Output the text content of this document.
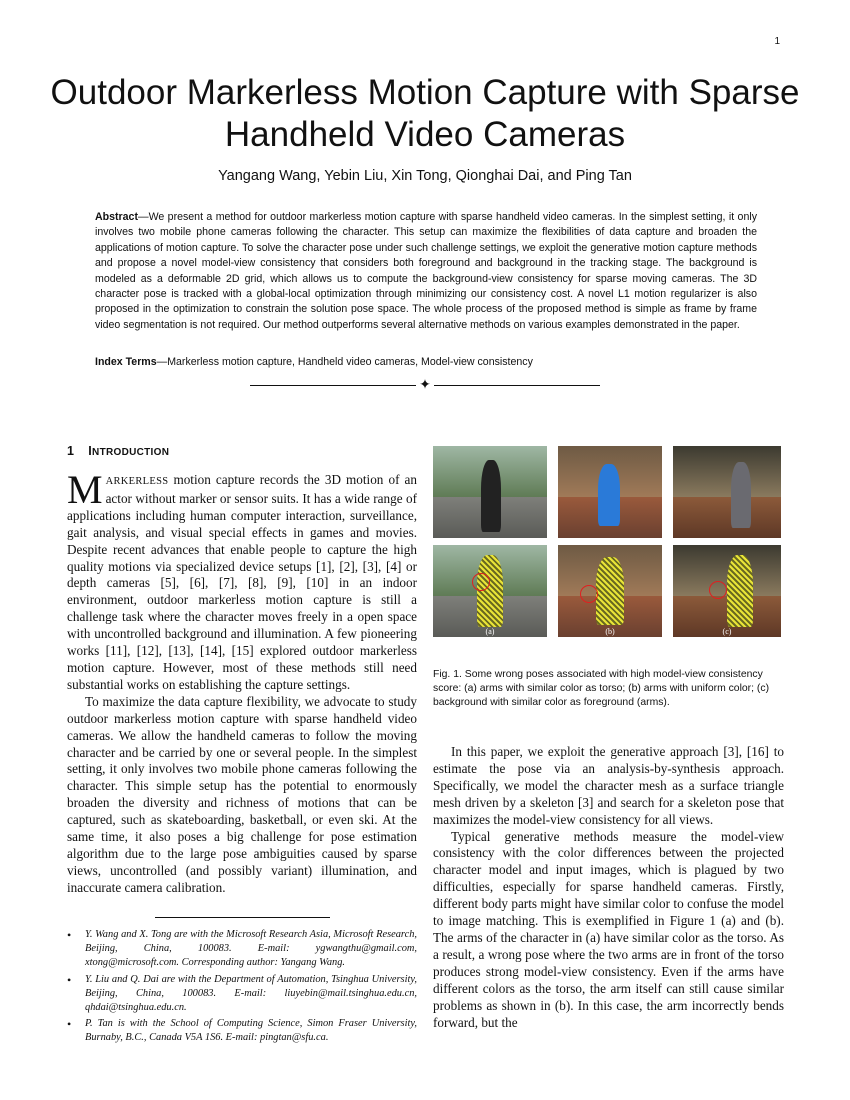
1
Outdoor Markerless Motion Capture with Sparse Handheld Video Cameras
Yangang Wang, Yebin Liu, Xin Tong, Qionghai Dai, and Ping Tan
Abstract—We present a method for outdoor markerless motion capture with sparse handheld video cameras. In the simplest setting, it only involves two mobile phone cameras following the character. This setup can maximize the flexibilities of data capture and broaden the applications of motion capture. To solve the character pose under such challenge settings, we exploit the generative motion capture methods and propose a novel model-view consistency that considers both foreground and background in the tracking stage. The background is modeled as a deformable 2D grid, which allows us to compute the background-view consistency for sparse moving cameras. The 3D character pose is tracked with a global-local optimization through minimizing our consistency cost. A novel L1 motion regularizer is also proposed in the optimization to constrain the solution pose space. The whole process of the proposed method is simple as frame by frame video segmentation is not required. Our method outperforms several alternative methods on various examples demonstrated in the paper.
Index Terms—Markerless motion capture, Handheld video cameras, Model-view consistency
✦
1 INTRODUCTION

MARKERLESS motion capture records the 3D motion of an actor without marker or sensor suits. It has a wide range of applications including human computer interaction, surveillance, gait analysis, and visual special effects in games and movies. Despite recent advances that enable people to capture the high quality motions via specialized device setups [1], [2], [3], [4] or depth cameras [5], [6], [7], [8], [9], [10] in an indoor environment, outdoor markerless motion capture is still a challenge task where the character moves freely in a open space with uncontrolled background and illumination. A few pioneering works [11], [12], [13], [14], [15] explored outdoor markerless motion capture. However, most of these methods still need substantial works on establishing the capture settings.

To maximize the data capture flexibility, we advocate to study outdoor markerless motion capture with sparse handheld video cameras. We allow the handheld cameras to follow the moving character and be carried by one or several people. In the simplest setting, it only involves two mobile phone cameras following the character. This simple setup has the potential to enormously broaden the diversity and richness of motions that can be captured, such as skateboarding, basketball, or even ski. At the same time, it also poses a big challenge for pose estimation algorithm due to the large pose ambiguities caused by sparse views, uncontrolled (and possibly variant) illumination, and inaccurate camera calibration.

• Y. Wang and X. Tong are with the Microsoft Research Asia, Microsoft Research, Beijing, China, 100083. E-mail: ygwangthu@gmail.com, xtong@microsoft.com. Corresponding author: Yangang Wang.
• Y. Liu and Q. Dai are with the Department of Automation, Tsinghua University, Beijing, China, 100083. E-mail: liuyebin@mail.tsinghua.edu.cn, qhdai@tsinghua.edu.cn.
• P. Tan is with the School of Computing Science, Simon Fraser University, Burnaby, B.C., Canada V5A 1S6. E-mail: pingtan@sfu.ca.
(a)	(b)	(c)
Fig. 1. Some wrong poses associated with high model-view consistency score: (a) arms with similar color as torso; (b) arms with uniform color; (c) background with similar color as foreground (arms).

In this paper, we exploit the generative approach [3], [16] to estimate the pose via an analysis-by-synthesis approach. Specifically, we model the character mesh as a surface triangle mesh driven by a skeleton [3] and search for a skeleton pose that maximizes the model-view consistency for all views.

Typical generative methods measure the model-view consistency with the color differences between the projected character model and input images, which is plagued by two difficulties, especially for sparse handheld cameras. Firstly, different body parts might have similar color to confuse the model to image matching. This is exemplified in Figure 1 (a) and (b). The arms of the character in (a) have similar color as the torso. As a result, a wrong pose where the two arms are in front of the torso produces strong model-view consistency. Even if the arms have different colors as the torso, the arm itself can still cause similar problems as shown in (b). In this case, the arm incorrectly bends forward, but the
